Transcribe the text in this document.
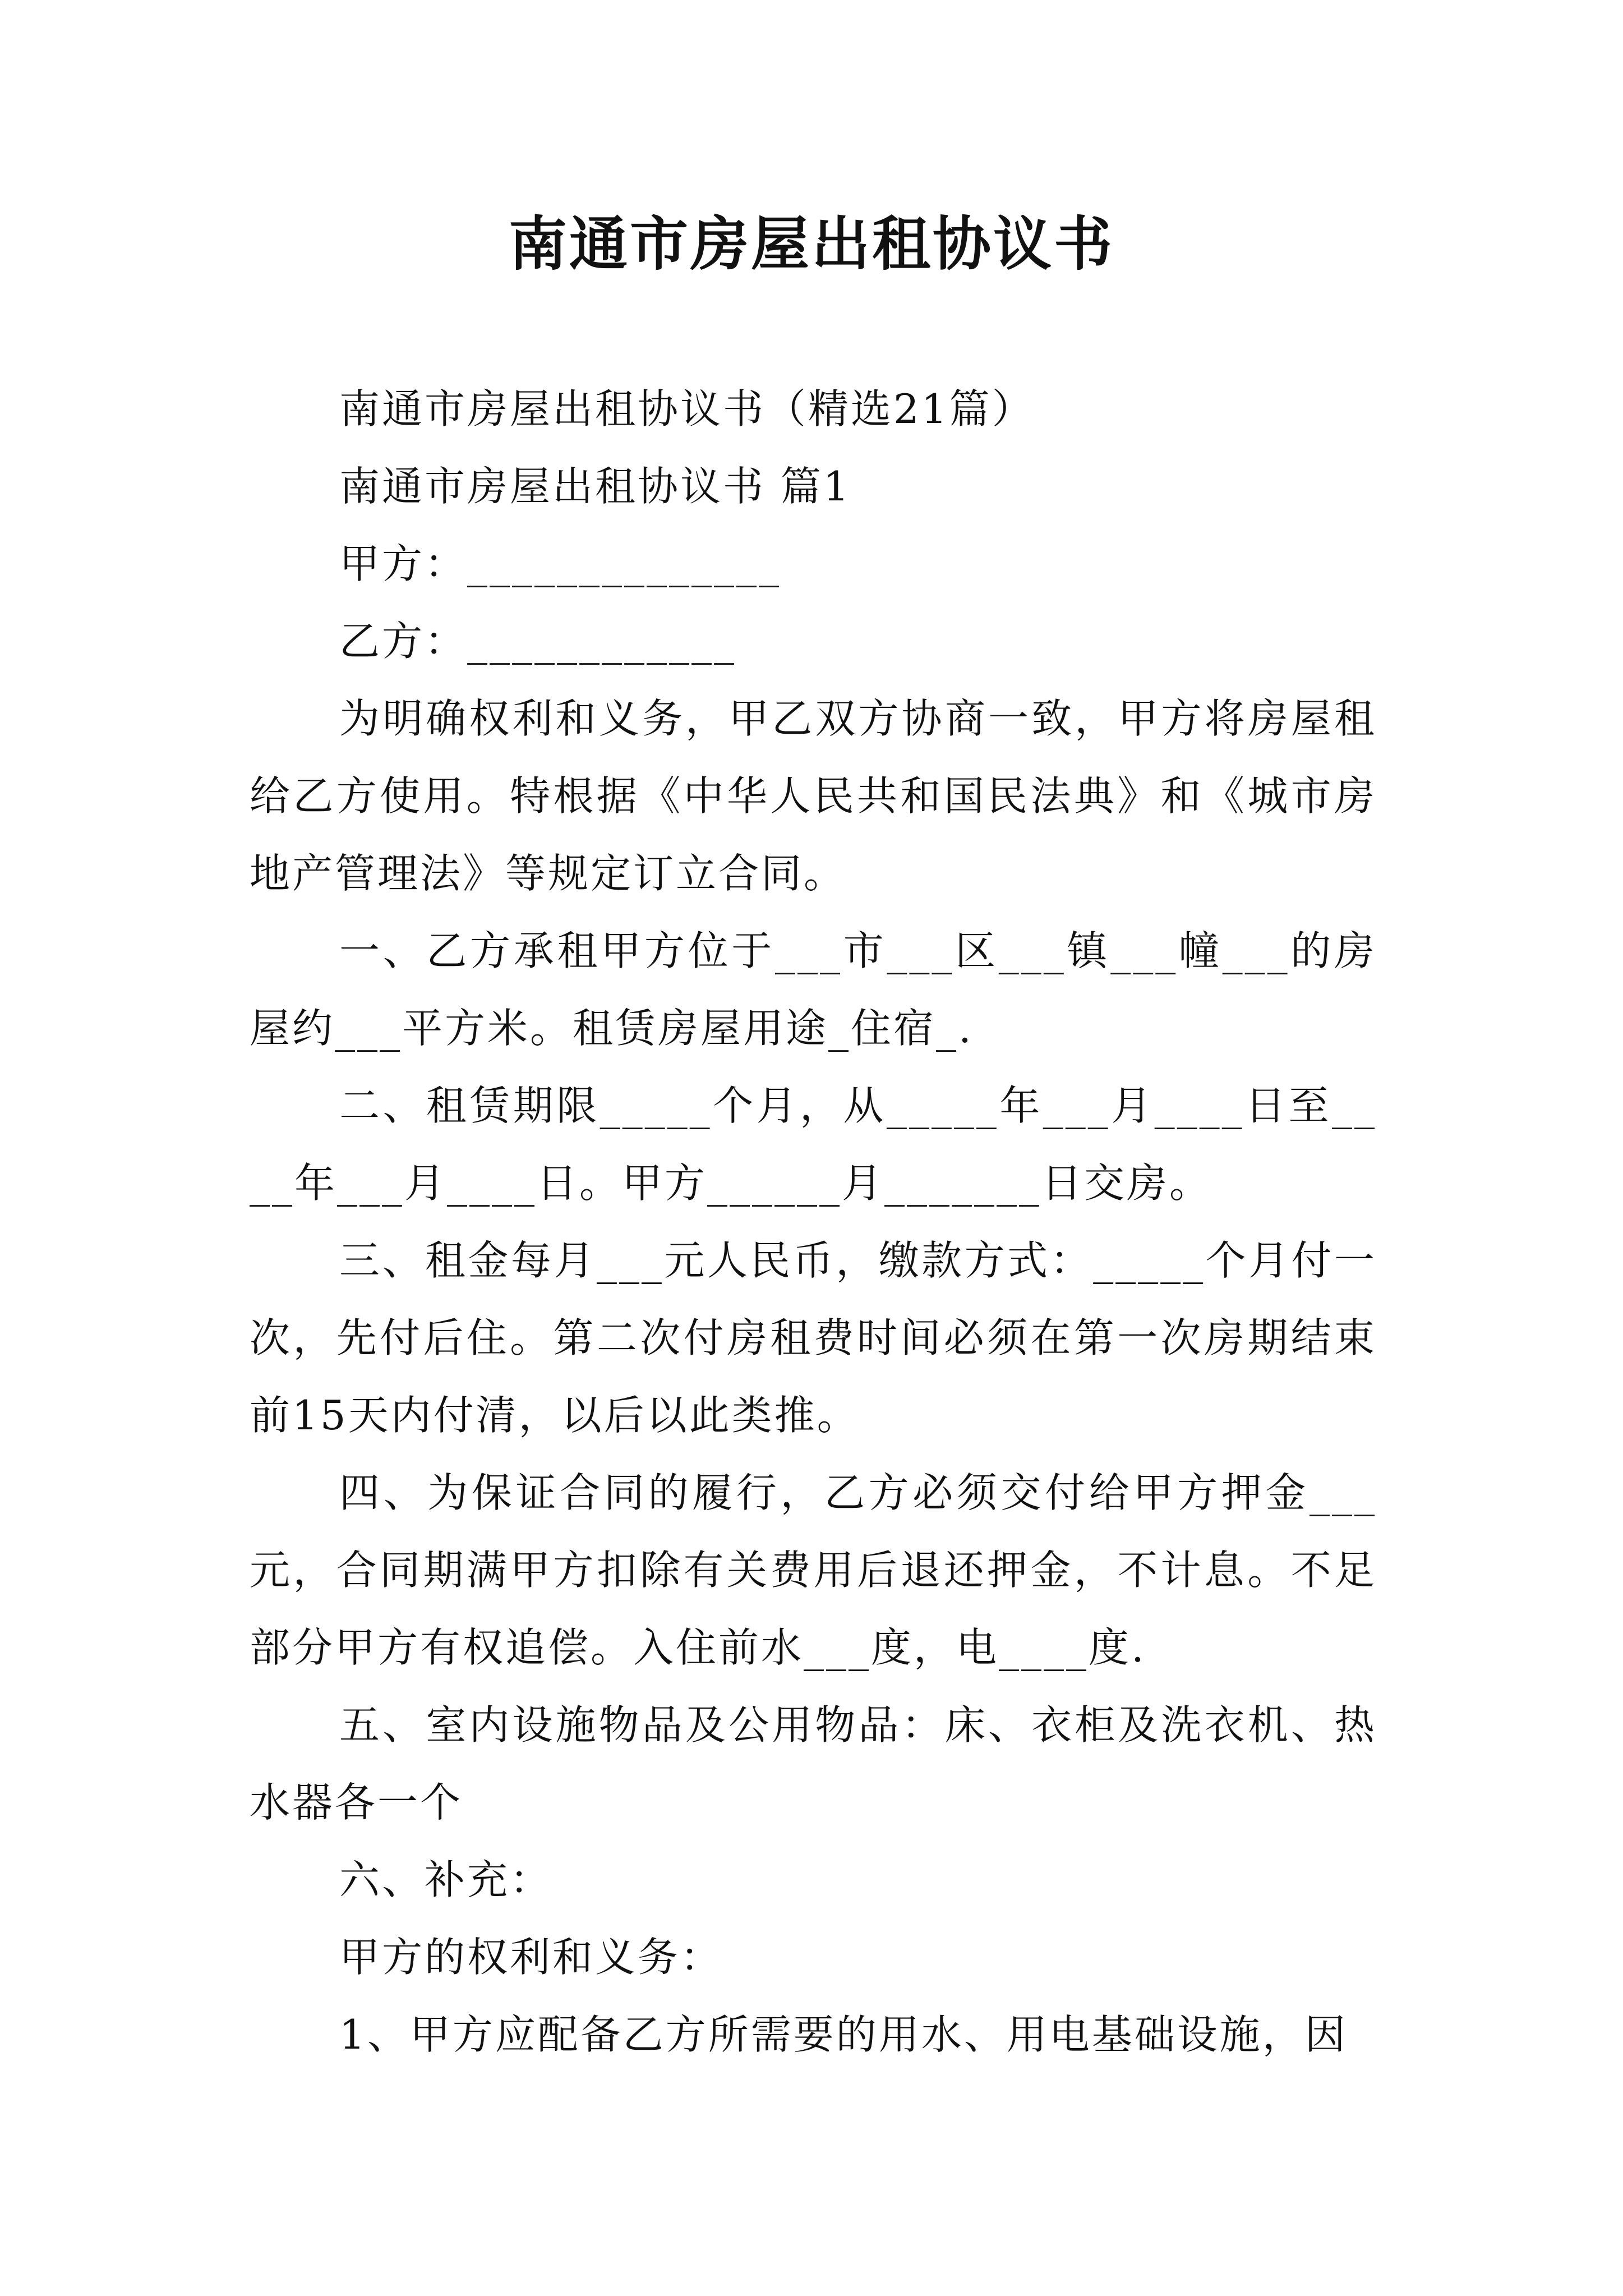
南通市房屋出租协议书

南通市房屋出租协议书（精选21篇）

南通市房屋出租协议书 篇1

甲方：______________

乙方：____________

为明确权利和义务，甲乙双方协商一致，甲方将房屋租给乙方使用。特根据《中华人民共和国民法典》和《城市房地产管理法》等规定订立合同。

一、乙方承租甲方位于___市___区___镇___幢___的房屋约___平方米。租赁房屋用途_住宿_.

二、租赁期限_____个月，从_____年___月____日至____年___月____日。甲方______月_______日交房。

三、租金每月___元人民币，缴款方式：_____个月付一次，先付后住。第二次付房租费时间必须在第一次房期结束前15天内付清，以后以此类推。

四、为保证合同的履行，乙方必须交付给甲方押金___元，合同期满甲方扣除有关费用后退还押金，不计息。不足部分甲方有权追偿。入住前水___度，电____度.

五、室内设施物品及公用物品：床、衣柜及洗衣机、热水器各一个

六、补充：

甲方的权利和义务：

1、甲方应配备乙方所需要的用水、用电基础设施，因
